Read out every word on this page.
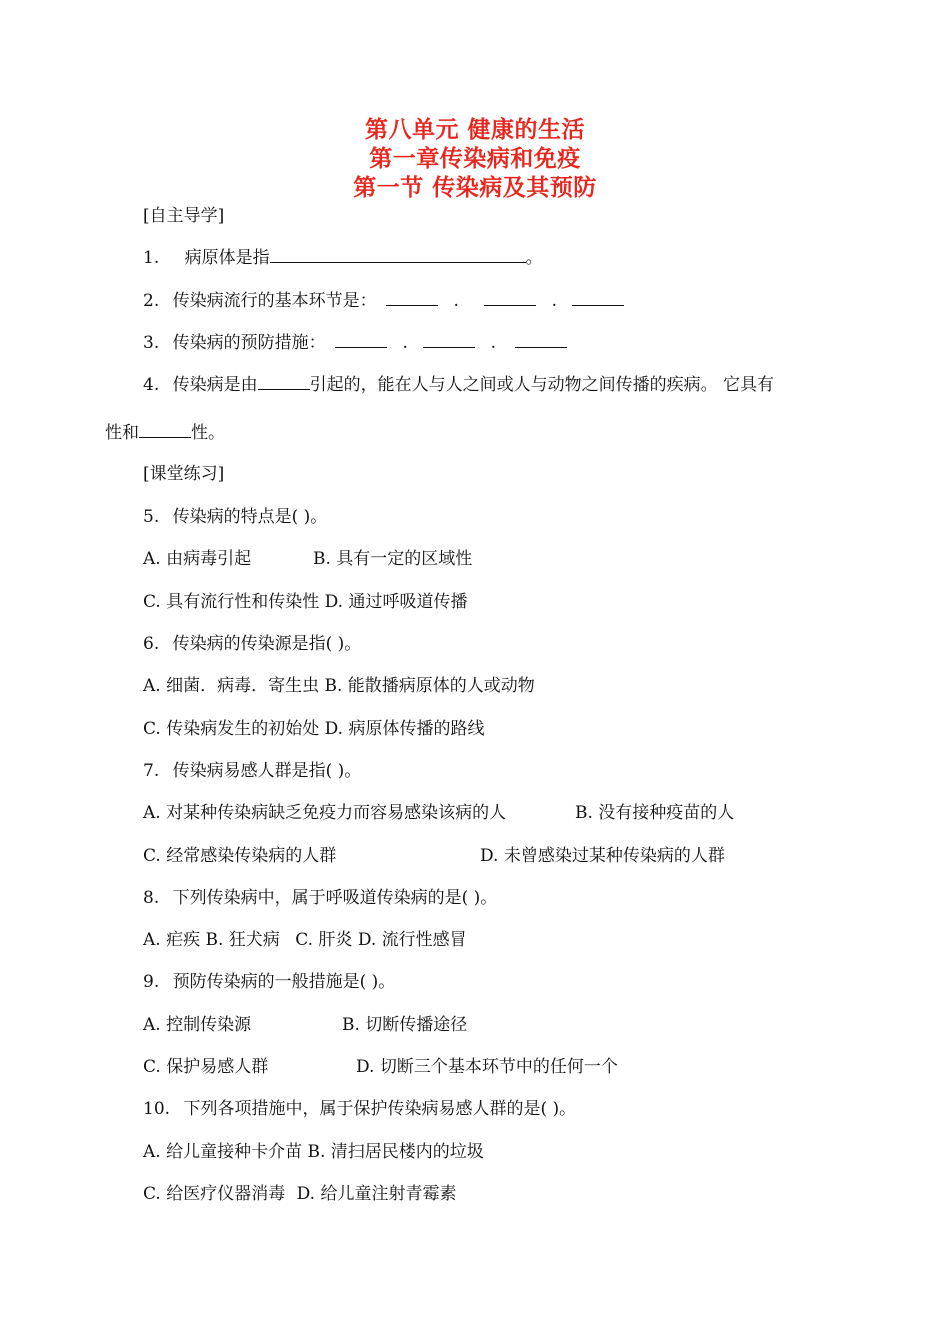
第八单元 健康的生活
第一章传染病和免疫
第一节 传染病及其预防
[自主导学]
1. 病原体是指	。
2. 传染病流行的基本环节是：	.	.
3. 传染病的预防措施：	.	.
4. 传染病是由	引起的，能在人与人之间或人与动物之间传播的疾病。 它具有
性和	性。
[课堂练习]
5. 传染病的特点是( )。
A. 由病毒引起	B. 具有一定的区域性
C. 具有流行性和传染性 D. 通过呼吸道传播
6. 传染病的传染源是指( )。
A. 细菌．病毒．寄生虫 B. 能散播病原体的人或动物
C. 传染病发生的初始处 D. 病原体传播的路线
7. 传染病易感人群是指( )。
A. 对某种传染病缺乏免疫力而容易感染该病的人	B. 没有接种疫苗的人
C. 经常感染传染病的人群	D. 未曾感染过某种传染病的人群
8. 下列传染病中，属于呼吸道传染病的是( )。
A. 疟疾 B. 狂犬病 C. 肝炎 D. 流行性感冒
9. 预防传染病的一般措施是( )。
A. 控制传染源	B. 切断传播途径
C. 保护易感人群	D. 切断三个基本环节中的任何一个
10. 下列各项措施中，属于保护传染病易感人群的是( )。
A. 给儿童接种卡介苗 B. 清扫居民楼内的垃圾
C. 给医疗仪器消毒 D. 给儿童注射青霉素
